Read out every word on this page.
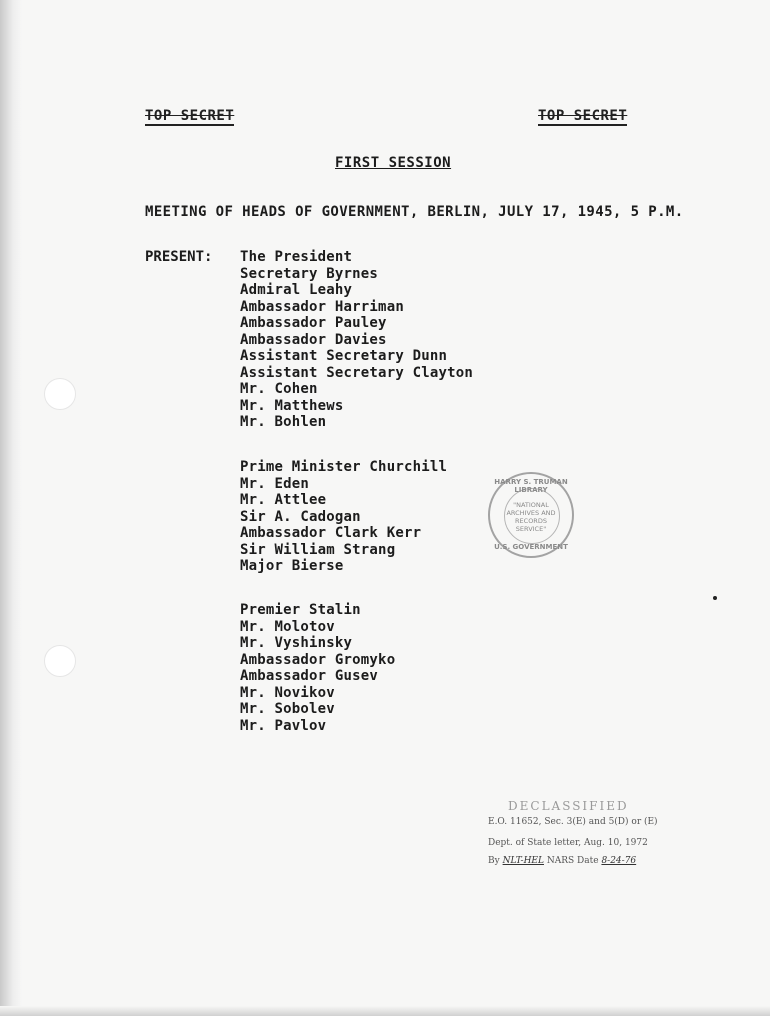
TOP SECRET	TOP SECRET
FIRST SESSION
MEETING OF HEADS OF GOVERNMENT, BERLIN, JULY 17, 1945, 5 P.M.
PRESENT: The President
Secretary Byrnes
Admiral Leahy
Ambassador Harriman
Ambassador Pauley
Ambassador Davies
Assistant Secretary Dunn
Assistant Secretary Clayton
Mr. Cohen
Mr. Matthews
Mr. Bohlen
Prime Minister Churchill
Mr. Eden
Mr. Attlee
Sir A. Cadogan
Ambassador Clark Kerr
Sir William Strang
Major Bierse
Premier Stalin
Mr. Molotov
Mr. Vyshinsky
Ambassador Gromyko
Ambassador Gusev
Mr. Novikov
Mr. Sobolev
Mr. Pavlov
HARRY S. TRUMAN LIBRARY
"NATIONAL
ARCHIVES AND
RECORDS
SERVICE"
U.S. GOVERNMENT
DECLASSIFIED
E.O. 11652, Sec. 3(E) and 5(D) or (E)
Dept. of State letter, Aug. 10, 1972
By NLT-HEL NARS Date 8-24-76
